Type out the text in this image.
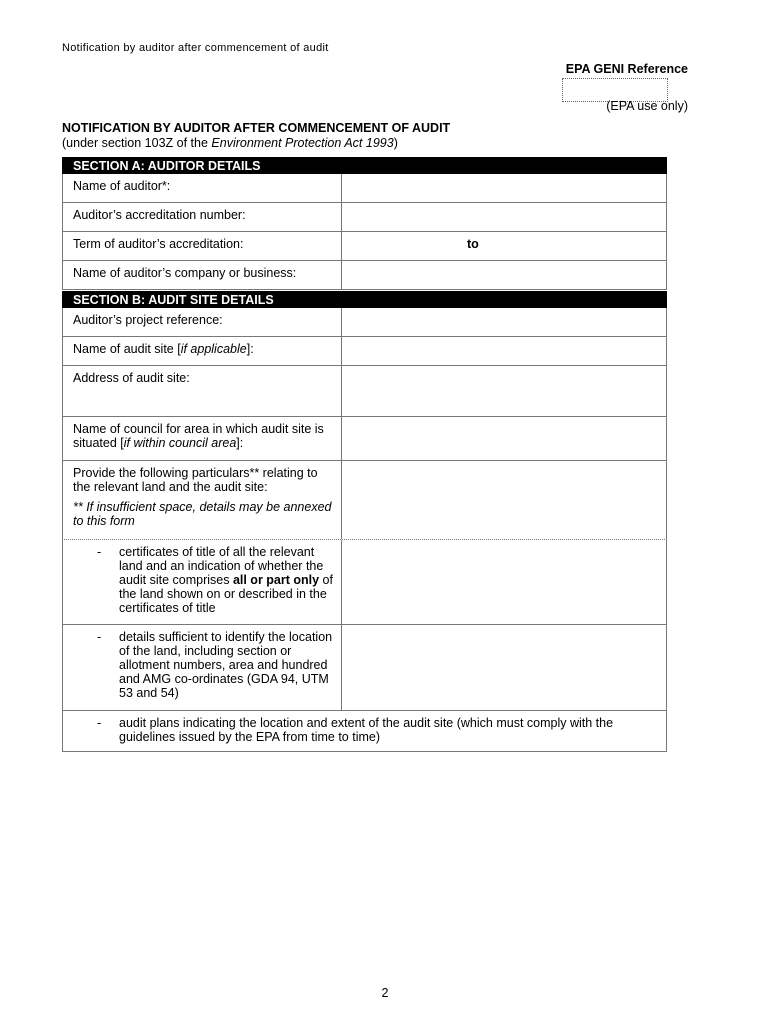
Notification by auditor after commencement of audit
EPA GENI Reference
(EPA use only)
NOTIFICATION BY AUDITOR AFTER COMMENCEMENT OF AUDIT
(under section 103Z of the Environment Protection Act 1993)
SECTION A: AUDITOR DETAILS
Name of auditor*:
Auditor’s accreditation number:
Term of auditor’s accreditation:	to
Name of auditor’s company or business:
SECTION B: AUDIT SITE DETAILS
Auditor’s project reference:
Name of audit site [if applicable]:
Address of audit site:
Name of council for area in which audit site is situated [if within council area]:

Provide the following particulars** relating to the relevant land and the audit site:

** If insufficient space, details may be annexed to this form

-	certificates of title of all the relevant land and an indication of whether the audit site comprises all or part only of the land shown on or described in the certificates of title
-	details sufficient to identify the location of the land, including section or allotment numbers, area and hundred and AMG co-ordinates (GDA 94, UTM 53 and 54)
-	audit plans indicating the location and extent of the audit site (which must comply with the guidelines issued by the EPA from time to time)
2
